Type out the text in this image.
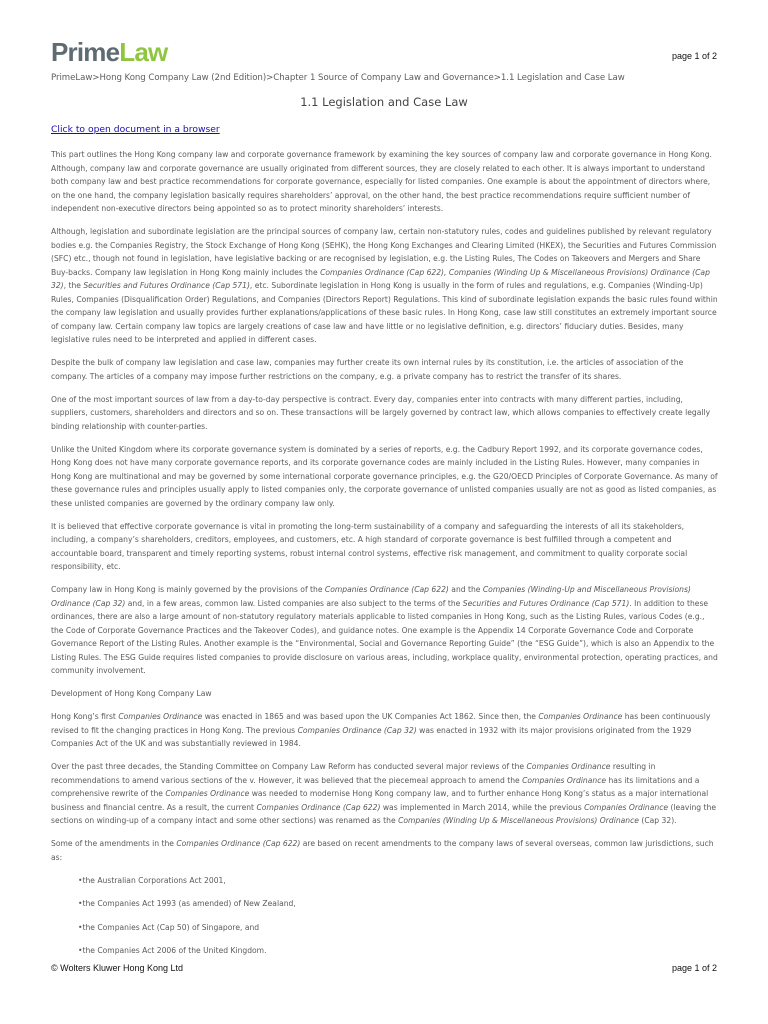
PrimeLaw	page 1 of 2
PrimeLaw>Hong Kong Company Law (2nd Edition)>Chapter 1 Source of Company Law and Governance>1.1 Legislation and Case Law
1.1 Legislation and Case Law
Click to open document in a browser

This part outlines the Hong Kong company law and corporate governance framework by examining the key sources of company law and corporate governance in Hong Kong. Although, company law and corporate governance are usually originated from different sources, they are closely related to each other. It is always important to understand both company law and best practice recommendations for corporate governance, especially for listed companies. One example is about the appointment of directors where, on the one hand, the company legislation basically requires shareholders’ approval, on the other hand, the best practice recommendations require sufficient number of independent non-executive directors being appointed so as to protect minority shareholders’ interests.

Although, legislation and subordinate legislation are the principal sources of company law, certain non-statutory rules, codes and guidelines published by relevant regulatory bodies e.g. the Companies Registry, the Stock Exchange of Hong Kong (SEHK), the Hong Kong Exchanges and Clearing Limited (HKEX), the Securities and Futures Commission (SFC) etc., though not found in legislation, have legislative backing or are recognised by legislation, e.g. the Listing Rules, The Codes on Takeovers and Mergers and Share Buy-backs. Company law legislation in Hong Kong mainly includes the Companies Ordinance (Cap 622), Companies (Winding Up & Miscellaneous Provisions) Ordinance (Cap 32), the Securities and Futures Ordinance (Cap 571), etc. Subordinate legislation in Hong Kong is usually in the form of rules and regulations, e.g. Companies (Winding-Up) Rules, Companies (Disqualification Order) Regulations, and Companies (Directors Report) Regulations. This kind of subordinate legislation expands the basic rules found within the company law legislation and usually provides further explanations/applications of these basic rules. In Hong Kong, case law still constitutes an extremely important source of company law. Certain company law topics are largely creations of case law and have little or no legislative definition, e.g. directors’ fiduciary duties. Besides, many legislative rules need to be interpreted and applied in different cases.

Despite the bulk of company law legislation and case law, companies may further create its own internal rules by its constitution, i.e. the articles of association of the company. The articles of a company may impose further restrictions on the company, e.g. a private company has to restrict the transfer of its shares.

One of the most important sources of law from a day-to-day perspective is contract. Every day, companies enter into contracts with many different parties, including, suppliers, customers, shareholders and directors and so on. These transactions will be largely governed by contract law, which allows companies to effectively create legally binding relationship with counter-parties.

Unlike the United Kingdom where its corporate governance system is dominated by a series of reports, e.g. the Cadbury Report 1992, and its corporate governance codes, Hong Kong does not have many corporate governance reports, and its corporate governance codes are mainly included in the Listing Rules. However, many companies in Hong Kong are multinational and may be governed by some international corporate governance principles, e.g. the G20/OECD Principles of Corporate Governance. As many of these governance rules and principles usually apply to listed companies only, the corporate governance of unlisted companies usually are not as good as listed companies, as these unlisted companies are governed by the ordinary company law only.

It is believed that effective corporate governance is vital in promoting the long-term sustainability of a company and safeguarding the interests of all its stakeholders, including, a company’s shareholders, creditors, employees, and customers, etc. A high standard of corporate governance is best fulfilled through a competent and accountable board, transparent and timely reporting systems, robust internal control systems, effective risk management, and commitment to quality corporate social responsibility, etc.

Company law in Hong Kong is mainly governed by the provisions of the Companies Ordinance (Cap 622) and the Companies (Winding-Up and Miscellaneous Provisions) Ordinance (Cap 32) and, in a few areas, common law. Listed companies are also subject to the terms of the Securities and Futures Ordinance (Cap 571). In addition to these ordinances, there are also a large amount of non-statutory regulatory materials applicable to listed companies in Hong Kong, such as the Listing Rules, various Codes (e.g., the Code of Corporate Governance Practices and the Takeover Codes), and guidance notes. One example is the Appendix 14 Corporate Governance Code and Corporate Governance Report of the Listing Rules. Another example is the “Environmental, Social and Governance Reporting Guide” (the “ESG Guide”), which is also an Appendix to the Listing Rules. The ESG Guide requires listed companies to provide disclosure on various areas, including, workplace quality, environmental protection, operating practices, and community involvement.

Development of Hong Kong Company Law

Hong Kong’s first Companies Ordinance was enacted in 1865 and was based upon the UK Companies Act 1862. Since then, the Companies Ordinance has been continuously revised to fit the changing practices in Hong Kong. The previous Companies Ordinance (Cap 32) was enacted in 1932 with its major provisions originated from the 1929 Companies Act of the UK and was substantially reviewed in 1984.

Over the past three decades, the Standing Committee on Company Law Reform has conducted several major reviews of the Companies Ordinance resulting in recommendations to amend various sections of the v. However, it was believed that the piecemeal approach to amend the Companies Ordinance has its limitations and a comprehensive rewrite of the Companies Ordinance was needed to modernise Hong Kong company law, and to further enhance Hong Kong’s status as a major international business and financial centre. As a result, the current Companies Ordinance (Cap 622) was implemented in March 2014, while the previous Companies Ordinance (leaving the sections on winding-up of a company intact and some other sections) was renamed as the Companies (Winding Up & Miscellaneous Provisions) Ordinance (Cap 32).

Some of the amendments in the Companies Ordinance (Cap 622) are based on recent amendments to the company laws of several overseas, common law jurisdictions, such as:

• the Australian Corporations Act 2001,
• the Companies Act 1993 (as amended) of New Zealand,
• the Companies Act (Cap 50) of Singapore, and
• the Companies Act 2006 of the United Kingdom.
© Wolters Kluwer Hong Kong Ltd	page 1 of 2
